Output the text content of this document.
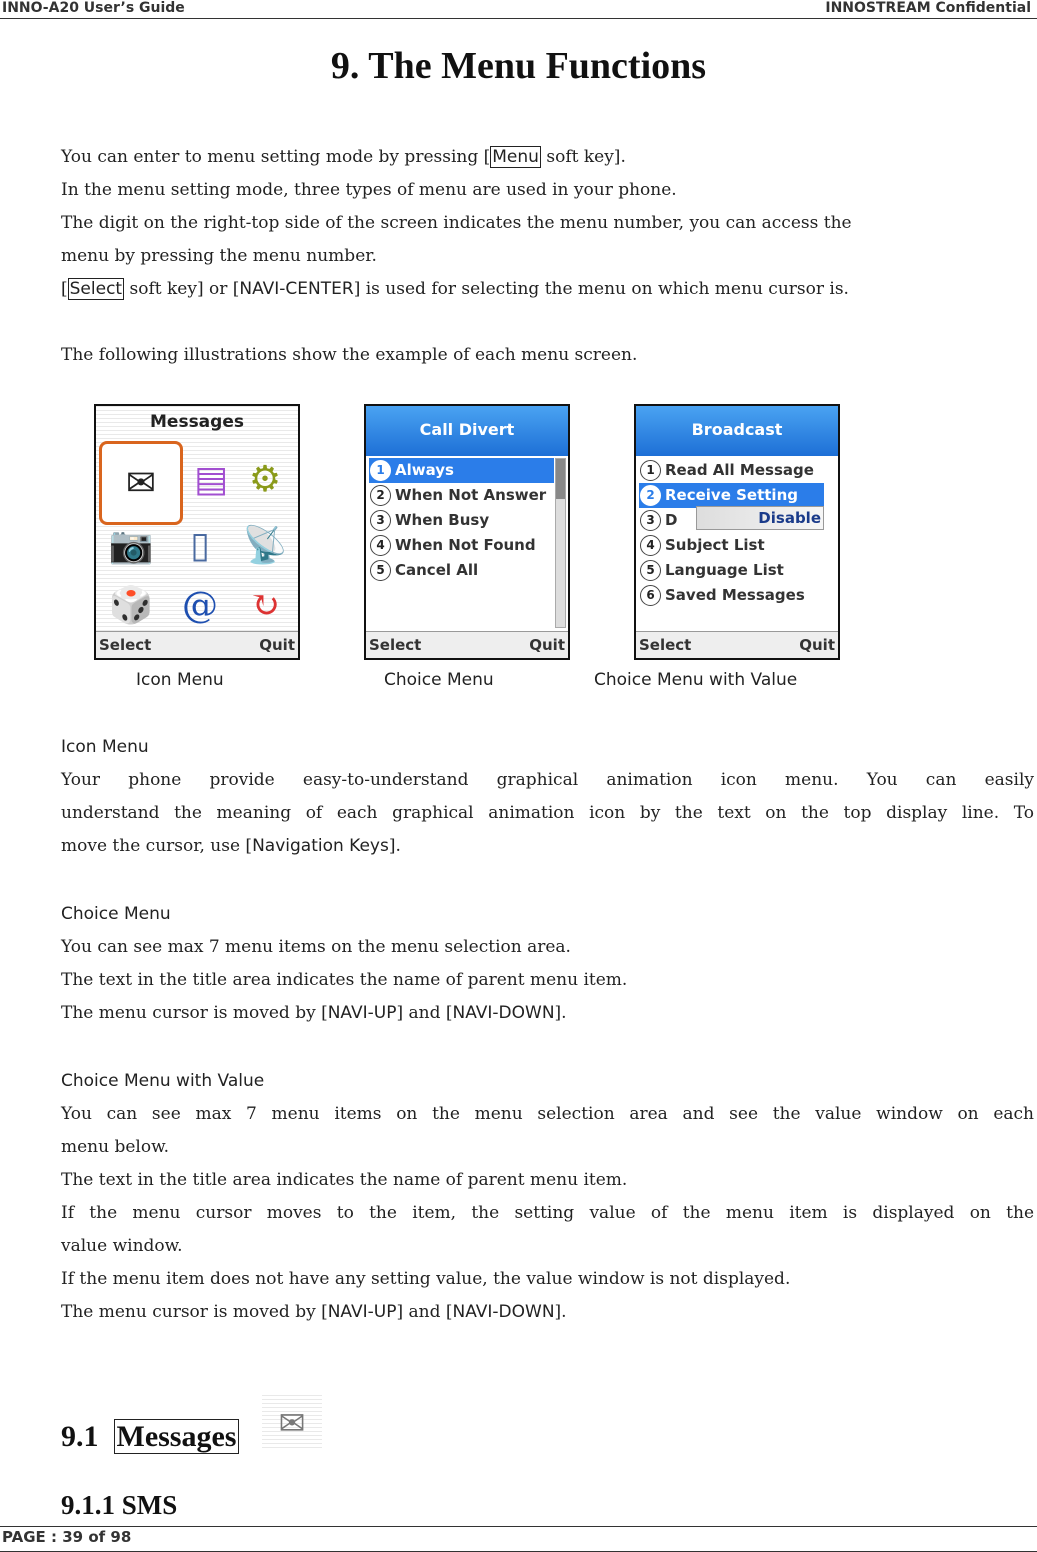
INNO-A20 User’s Guide	INNOSTREAM Confidential
9. The Menu Functions
You can enter to menu setting mode by pressing [ Menu soft key].
In the menu setting mode, three types of menu are used in your phone.
The digit on the right-top side of the screen indicates the menu number, you can access the
menu by pressing the menu number.
[ Select soft key] or [NAVI-CENTER] is used for selecting the menu on which menu cursor is.
The following illustrations show the example of each menu screen.
Messages
✉	▤ ⚙
📷	▯ 📡
🎲 @ ↻
Select	Quit
Call Divert
1 Always
2 When Not Answer
3 When Busy
4 When Not Found
5 Cancel All
Select	Quit
Broadcast
1 Read All Message
2 Receive Setting
3 D
4 Subject List
5 Language List
6 Saved Messages
Disable
Select	Quit
Icon Menu	Choice Menu	Choice Menu with Value
Icon Menu
Your phone provide easy-to-understand graphical animation icon menu. You can easily
understand the meaning of each graphical animation icon by the text on the top display line. To
move the cursor, use [Navigation Keys].
Choice Menu
You can see max 7 menu items on the menu selection area.
The text in the title area indicates the name of parent menu item.
The menu cursor is moved by [NAVI-UP] and [NAVI-DOWN].
Choice Menu with Value
You can see max 7 menu items on the menu selection area and see the value window on each
menu below.
The text in the title area indicates the name of parent menu item.
If the menu cursor moves to the item, the setting value of the menu item is displayed on the
value window.
If the menu item does not have any setting value, the value window is not displayed.
The menu cursor is moved by [NAVI-UP] and [NAVI-DOWN].
9.1 Messages	✉
9.1.1 SMS
PAGE : 39 of 98
